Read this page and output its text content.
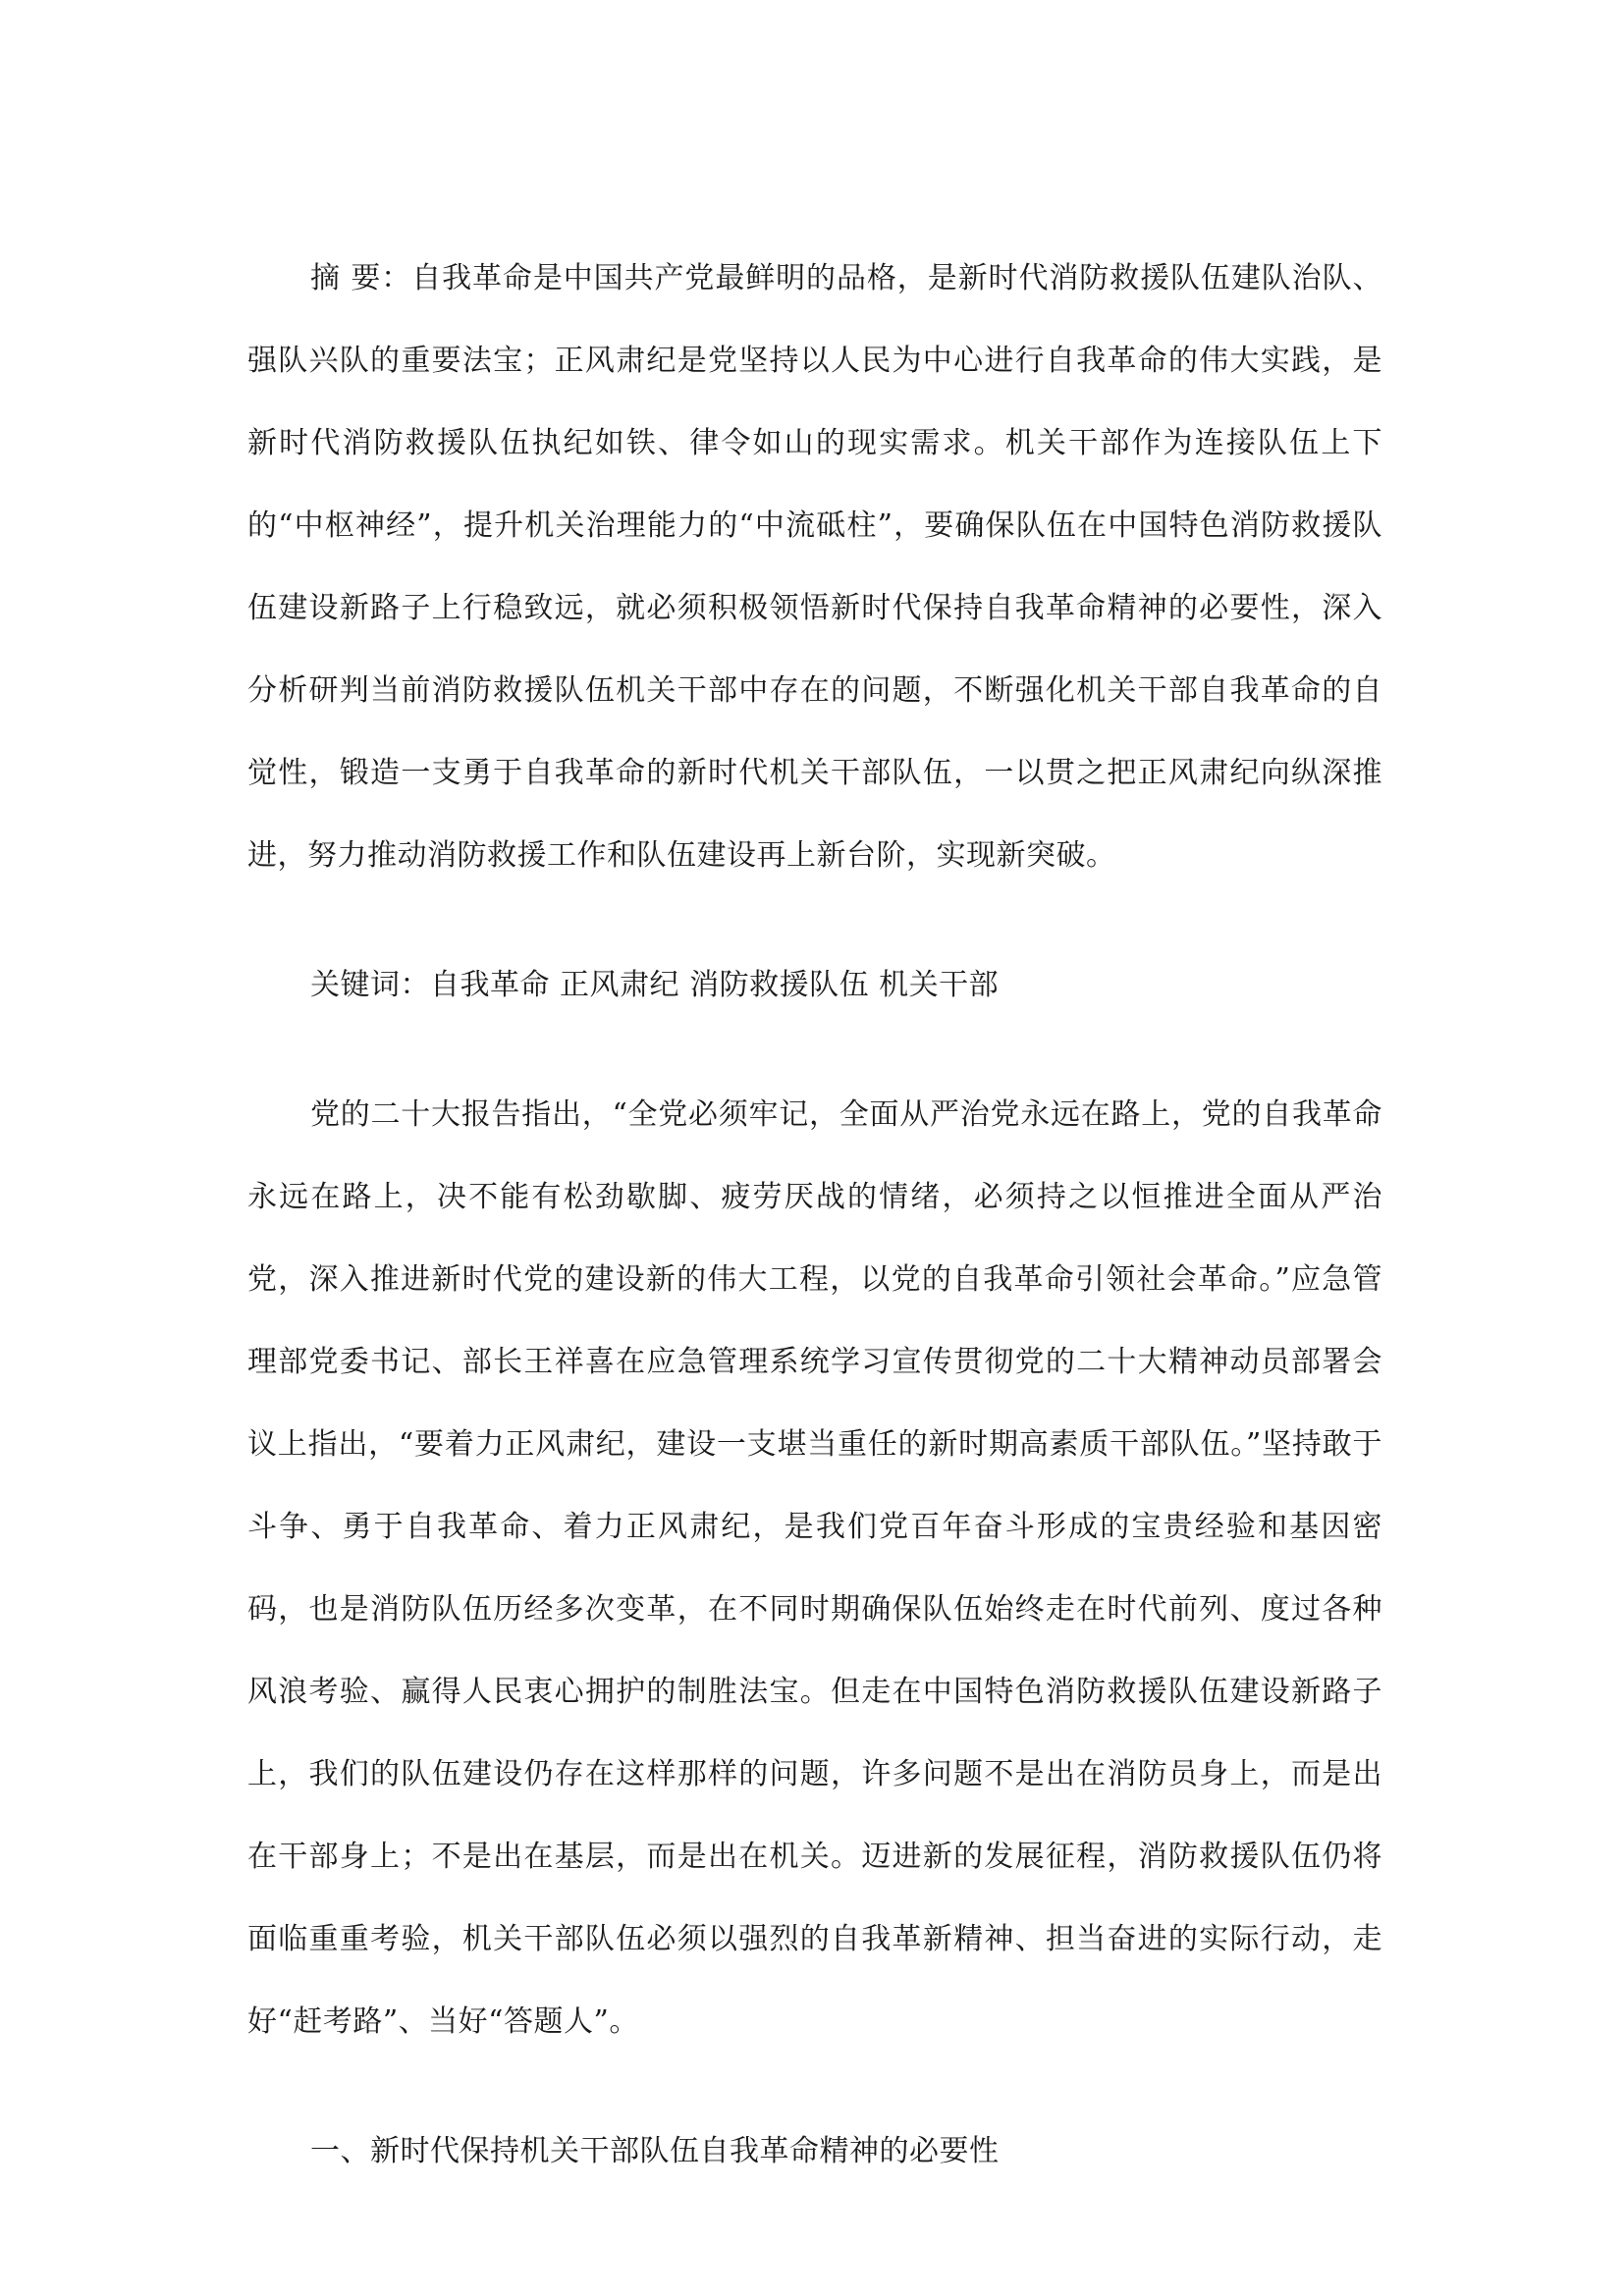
摘 要：自我革命是中国共产党最鲜明的品格，是新时代消防救援队伍建队治队、强队兴队的重要法宝；正风肃纪是党坚持以人民为中心进行自我革命的伟大实践，是新时代消防救援队伍执纪如铁、律令如山的现实需求。机关干部作为连接队伍上下的“中枢神经”，提升机关治理能力的“中流砥柱”，要确保队伍在中国特色消防救援队伍建设新路子上行稳致远，就必须积极领悟新时代保持自我革命精神的必要性，深入分析研判当前消防救援队伍机关干部中存在的问题，不断强化机关干部自我革命的自觉性，锻造一支勇于自我革命的新时代机关干部队伍，一以贯之把正风肃纪向纵深推进，努力推动消防救援工作和队伍建设再上新台阶，实现新突破。

关键词：自我革命 正风肃纪 消防救援队伍 机关干部

党的二十大报告指出，“全党必须牢记，全面从严治党永远在路上，党的自我革命永远在路上，决不能有松劲歇脚、疲劳厌战的情绪，必须持之以恒推进全面从严治党，深入推进新时代党的建设新的伟大工程，以党的自我革命引领社会革命。”应急管理部党委书记、部长王祥喜在应急管理系统学习宣传贯彻党的二十大精神动员部署会议上指出，“要着力正风肃纪，建设一支堪当重任的新时期高素质干部队伍。”坚持敢于斗争、勇于自我革命、着力正风肃纪，是我们党百年奋斗形成的宝贵经验和基因密码，也是消防队伍历经多次变革，在不同时期确保队伍始终走在时代前列、度过各种风浪考验、赢得人民衷心拥护的制胜法宝。但走在中国特色消防救援队伍建设新路子上，我们的队伍建设仍存在这样那样的问题，许多问题不是出在消防员身上，而是出在干部身上；不是出在基层，而是出在机关。迈进新的发展征程，消防救援队伍仍将面临重重考验，机关干部队伍必须以强烈的自我革新精神、担当奋进的实际行动，走好“赶考路”、当好“答题人”。

一、新时代保持机关干部队伍自我革命精神的必要性
